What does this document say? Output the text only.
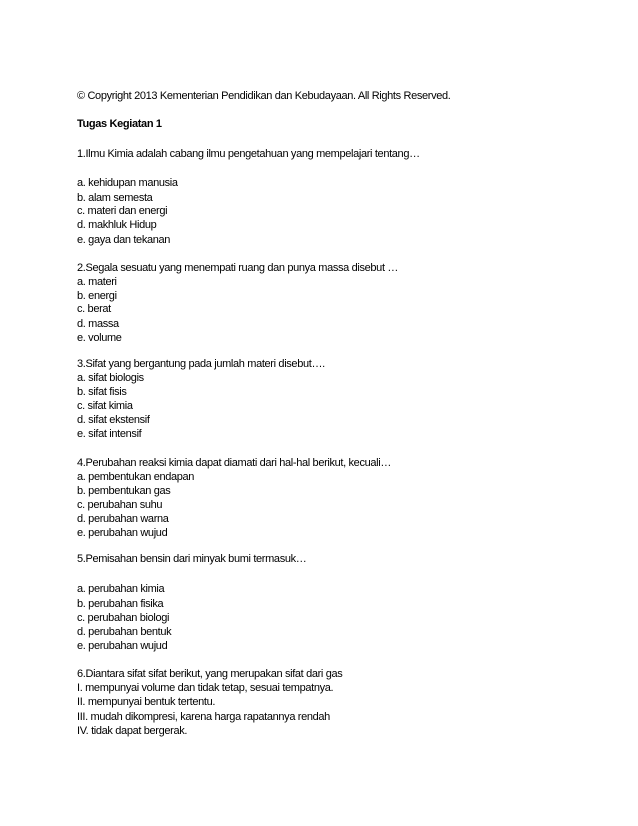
© Copyright 2013 Kementerian Pendidikan dan Kebudayaan. All Rights Reserved.
Tugas Kegiatan 1
1.Ilmu Kimia adalah cabang ilmu pengetahuan yang mempelajari tentang…
a. kehidupan manusia
b. alam semesta
c. materi dan energi
d. makhluk Hidup
e. gaya dan tekanan
2.Segala sesuatu yang menempati ruang dan punya massa disebut …
a. materi
b. energi
c. berat
d. massa
e. volume
3.Sifat yang bergantung pada jumlah materi disebut….
a. sifat biologis
b. sifat fisis
c. sifat kimia
d. sifat ekstensif
e. sifat intensif
4.Perubahan reaksi kimia dapat diamati dari hal-hal berikut, kecuali…
a. pembentukan endapan
b. pembentukan gas
c. perubahan suhu
d. perubahan warna
e. perubahan wujud
5.Pemisahan bensin dari minyak bumi termasuk…
a. perubahan kimia
b. perubahan fisika
c. perubahan biologi
d. perubahan bentuk
e. perubahan wujud
6.Diantara sifat sifat berikut, yang merupakan sifat dari gas
I. mempunyai volume dan tidak tetap, sesuai tempatnya.
II. mempunyai bentuk tertentu.
III. mudah dikompresi, karena harga rapatannya rendah
IV. tidak dapat bergerak.
